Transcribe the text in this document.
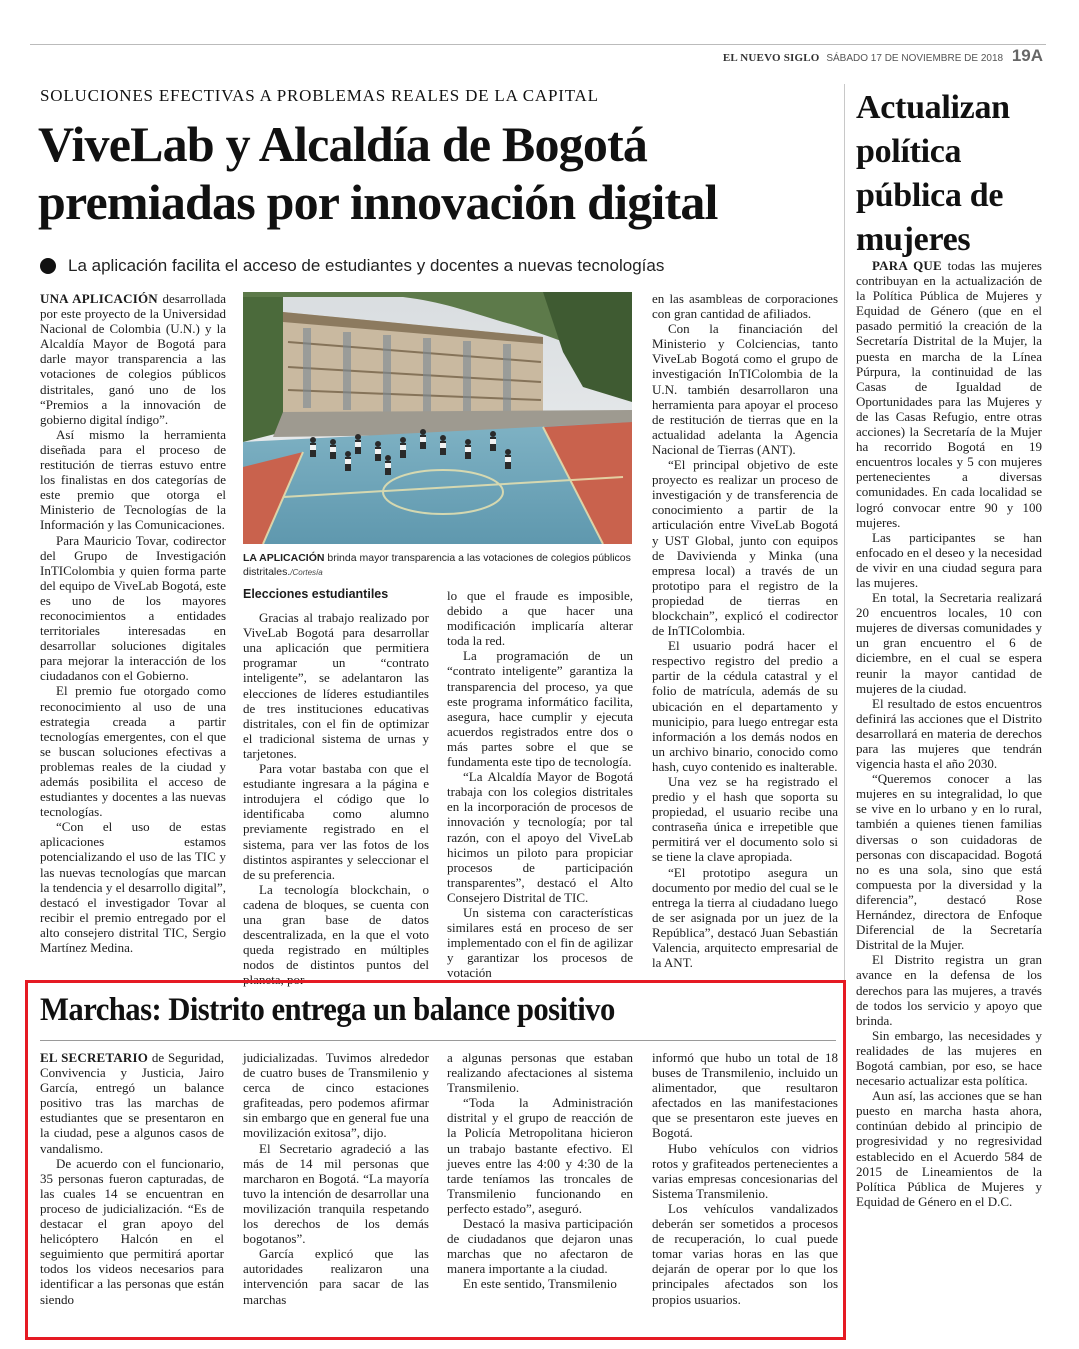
EL NUEVO SIGLO SÁBADO 17 DE NOVIEMBRE DE 2018 19A
SOLUCIONES EFECTIVAS A PROBLEMAS REALES DE LA CAPITAL
ViveLab y Alcaldía de Bogotá
premiadas por innovación digital
La aplicación facilita el acceso de estudiantes y docentes a nuevas tecnologías

UNA APLICACIÓN desarrollada por este proyecto de la Universidad Nacional de Colombia (U.N.) y la Alcaldía Mayor de Bogotá para darle mayor transparencia a las votaciones de colegios públicos distritales, ganó uno de los “Premios a la innovación de gobierno digital índigo”.

Así mismo la herramienta diseñada para el proceso de restitución de tierras estuvo entre los finalistas en dos categorías de este premio que otorga el Ministerio de Tecnologías de la Información y las Comunicaciones.

Para Mauricio Tovar, codirector del Grupo de Investigación InTIColombia y quien forma parte del equipo de ViveLab Bogotá, este es uno de los mayores reconocimientos a entidades territoriales interesadas en desarrollar soluciones digitales para mejorar la interacción de los ciudadanos con el Gobierno.

El premio fue otorgado como reconocimiento al uso de una estrategia creada a partir tecnologías emergentes, con el que se buscan soluciones efectivas a problemas reales de la ciudad y además posibilita el acceso de estudiantes y docentes a las nuevas tecnologías.

“Con el uso de estas aplicaciones estamos potencializando el uso de las TIC y las nuevas tecnologías que marcan la tendencia y el desarrollo digital”, destacó el investigador Tovar al recibir el premio entregado por el alto consejero distrital TIC, Sergio Martínez Medina.

LA APLICACIÓN brinda mayor transparencia a las votaciones de colegios públicos distritales./Cortesía
Elecciones estudiantiles

Gracias al trabajo realizado por ViveLab Bogotá para desarrollar una aplicación que permitiera programar un “contrato inteligente”, se adelantaron las elecciones de líderes estudiantiles de tres instituciones educativas distritales, con el fin de optimizar el tradicional sistema de urnas y tarjetones.

Para votar bastaba con que el estudiante ingresara a la página e introdujera el código que lo identificaba como alumno previamente registrado en el sistema, para ver las fotos de los distintos aspirantes y seleccionar el de su preferencia.

La tecnología blockchain, o cadena de bloques, se cuenta con una gran base de datos descentralizada, en la que el voto queda registrado en múltiples nodos de distintos puntos del planeta, por

lo que el fraude es imposible, debido a que hacer una modificación implicaría alterar toda la red.

La programación de un “contrato inteligente” garantiza la transparencia del proceso, ya que este programa informático facilita, asegura, hace cumplir y ejecuta acuerdos registrados entre dos o más partes sobre el que se fundamenta este tipo de tecnología.

“La Alcaldía Mayor de Bogotá trabaja con los colegios distritales en la incorporación de procesos de innovación y tecnología; por tal razón, con el apoyo del ViveLab hicimos un piloto para propiciar procesos de participación transparentes”, destacó el Alto Consejero Distrital de TIC.

Un sistema con características similares está en proceso de ser implementado con el fin de agilizar y garantizar los procesos de votación

en las asambleas de corporaciones con gran cantidad de afiliados.

Con la financiación del Ministerio y Colciencias, tanto ViveLab Bogotá como el grupo de investigación InTIColombia de la U.N. también desarrollaron una herramienta para apoyar el proceso de restitución de tierras que en la actualidad adelanta la Agencia Nacional de Tierras (ANT).

“El principal objetivo de este proyecto es realizar un proceso de investigación y de transferencia de conocimiento a partir de la articulación entre ViveLab Bogotá y UST Global, junto con equipos de Davivienda y Minka (una empresa local) a través de un prototipo para el registro de la propiedad de tierras en blockchain”, explicó el codirector de InTIColombia.

El usuario podrá hacer el respectivo registro del predio a partir de la cédula catastral y el folio de matrícula, además de su ubicación en el departamento y municipio, para luego entregar esta información a los demás nodos en un archivo binario, conocido como hash, cuyo contenido es inalterable.

Una vez se ha registrado el predio y el hash que soporta su propiedad, el usuario recibe una contraseña única e irrepetible que permitirá ver el documento solo si se tiene la clave apropiada.

“El prototipo asegura un documento por medio del cual se le entrega la tierra al ciudadano luego de ser asignada por un juez de la República”, destacó Juan Sebastián Valencia, arquitecto empresarial de la ANT.

Actualizan
política
pública de
mujeres

PARA QUE todas las mujeres contribuyan en la actualización de la Política Pública de Mujeres y Equidad de Género (que en el pasado permitió la creación de la Secretaría Distrital de la Mujer, la puesta en marcha de la Línea Púrpura, la continuidad de las Casas de Igualdad de Oportunidades para las Mujeres y de las Casas Refugio, entre otras acciones) la Secretaría de la Mujer ha recorrido Bogotá en 19 encuentros locales y 5 con mujeres pertenecientes a diversas comunidades. En cada localidad se logró convocar entre 90 y 100 mujeres.

Las participantes se han enfocado en el deseo y la necesidad de vivir en una ciudad segura para las mujeres.

En total, la Secretaria realizará 20 encuentros locales, 10 con mujeres de diversas comunidades y un gran encuentro el 6 de diciembre, en el cual se espera reunir la mayor cantidad de mujeres de la ciudad.

El resultado de estos encuentros definirá las acciones que el Distrito desarrollará en materia de derechos para las mujeres que tendrán vigencia hasta el año 2030.

“Queremos conocer a las mujeres en su integralidad, lo que se vive en lo urbano y en lo rural, también a quienes tienen familias diversas o son cuidadoras de personas con discapacidad. Bogotá no es una sola, sino que está compuesta por la diversidad y la diferencia”, destacó Rose Hernández, directora de Enfoque Diferencial de la Secretaría Distrital de la Mujer.

El Distrito registra un gran avance en la defensa de los derechos para las mujeres, a través de todos los servicio y apoyo que brinda.

Sin embargo, las necesidades y realidades de las mujeres en Bogotá cambian, por eso, se hace necesario actualizar esta política.

Aun así, las acciones que se han puesto en marcha hasta ahora, continúan debido al principio de progresividad y no regresividad establecido en el Acuerdo 584 de 2015 de Lineamientos de la Política Pública de Mujeres y Equidad de Género en el D.C.

Marchas: Distrito entrega un balance positivo

EL SECRETARIO de Seguridad, Convivencia y Justicia, Jairo García, entregó un balance positivo tras las marchas de estudiantes que se presentaron en la ciudad, pese a algunos casos de vandalismo.

De acuerdo con el funcionario, 35 personas fueron capturadas, de las cuales 14 se encuentran en proceso de judicialización. “Es de destacar el gran apoyo del helicóptero Halcón en el seguimiento que permitirá aportar todos los videos necesarios para identificar a las personas que están siendo

judicializadas. Tuvimos alrededor de cuatro buses de Transmilenio y cerca de cinco estaciones grafiteadas, pero podemos afirmar sin embargo que en general fue una movilización exitosa”, dijo.

El Secretario agradeció a las más de 14 mil personas que marcharon en Bogotá. “La mayoría tuvo la intención de desarrollar una movilización tranquila respetando los derechos de los demás bogotanos”.

García explicó que las autoridades realizaron una intervención para sacar de las marchas

a algunas personas que estaban realizando afectaciones al sistema Transmilenio.

“Toda la Administración distrital y el grupo de reacción de la Policía Metropolitana hicieron un trabajo bastante efectivo. El jueves entre las 4:00 y 4:30 de la tarde teníamos las troncales de Transmilenio funcionando en perfecto estado”, aseguró.

Destacó la masiva participación de ciudadanos que dejaron unas marchas que no afectaron de manera importante a la ciudad.

En este sentido, Transmilenio

informó que hubo un total de 18 buses de Transmilenio, incluido un alimentador, que resultaron afectados en las manifestaciones que se presentaron este jueves en Bogotá.

Hubo vehículos con vidrios rotos y grafiteados pertenecientes a varias empresas concesionarias del Sistema Transmilenio.

Los vehículos vandalizados deberán ser sometidos a procesos de recuperación, lo cual puede tomar varias horas en las que dejarán de operar por lo que los principales afectados son los propios usuarios.
